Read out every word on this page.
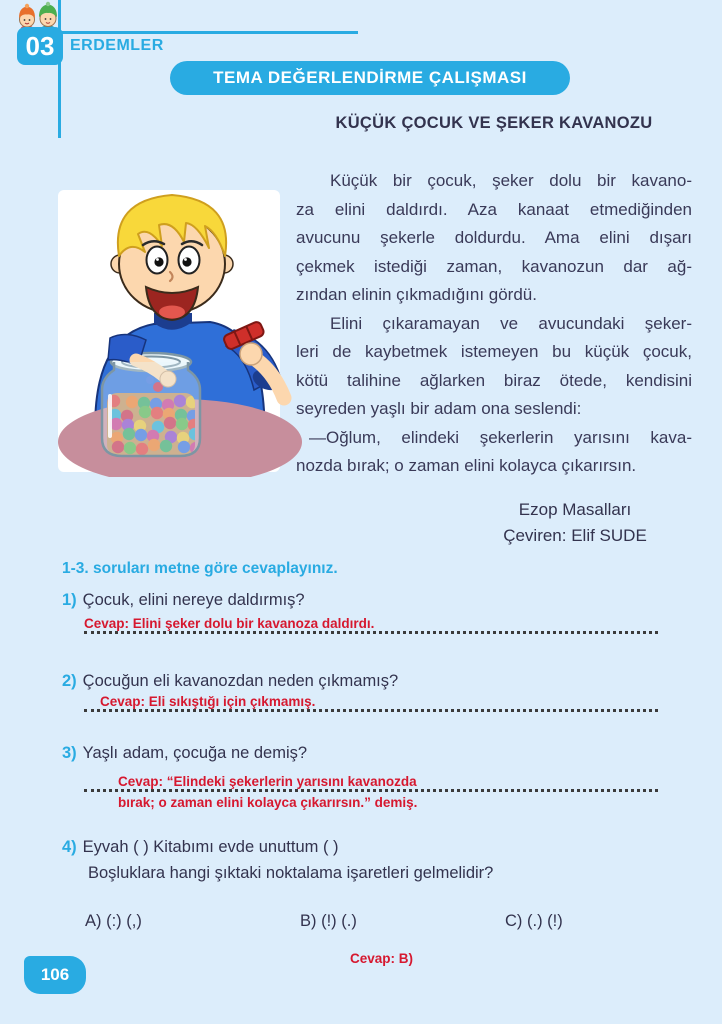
03 ERDEMLER
TEMA DEĞERLENDİRME ÇALIŞMASI
KÜÇÜK ÇOCUK VE ŞEKER KAVANOZU
Küçük bir çocuk, şeker dolu bir kavano-
za elini daldırdı. Aza kanaat etmediğinden
avucunu şekerle doldurdu. Ama elini dışarı
çekmek istediği zaman, kavanozun dar ağ-
zından elinin çıkmadığını gördü.
Elini çıkaramayan ve avucundaki şeker-
leri de kaybetmek istemeyen bu küçük çocuk,
kötü talihine ağlarken biraz ötede, kendisini
seyreden yaşlı bir adam ona seslendi:
—Oğlum, elindeki şekerlerin yarısını kava-
nozda bırak; o zaman elini kolayca çıkarırsın.
Ezop Masalları
Çeviren: Elif SUDE
1-3. soruları metne göre cevaplayınız.
1) Çocuk, elini nereye daldırmış?
Cevap: Elini şeker dolu bir kavanoza daldırdı.
2) Çocuğun eli kavanozdan neden çıkmamış?
Cevap: Eli sıkıştığı için çıkmamış.
3) Yaşlı adam, çocuğa ne demiş?
Cevap: “Elindeki şekerlerin yarısını kavanozda
bırak; o zaman elini kolayca çıkarırsın.” demiş.
4) Eyvah ( ) Kitabımı evde unuttum ( )
Boşluklara hangi şıktaki noktalama işaretleri gelmelidir?
A) (:) (,)	B) (!) (.)	C) (.) (!)
Cevap: B)
106
